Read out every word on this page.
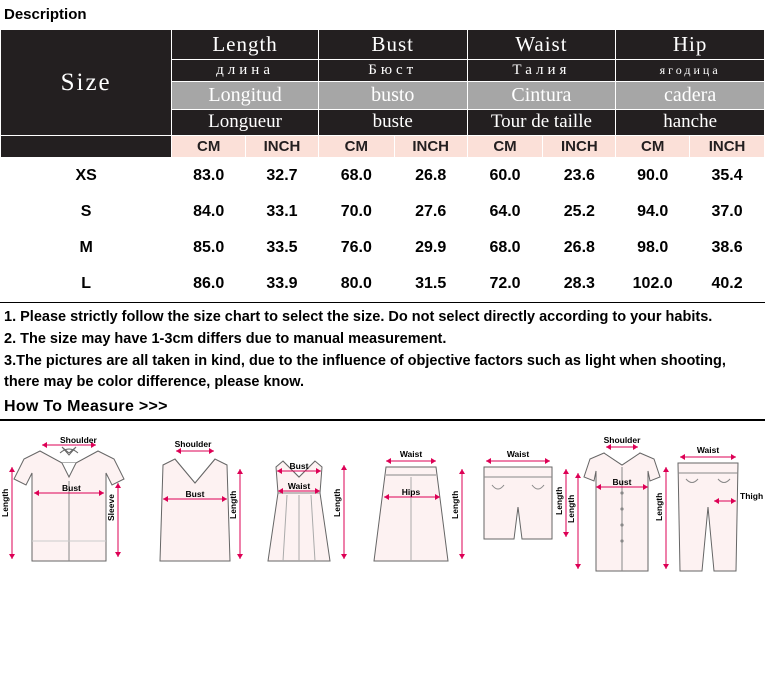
Description
Size	Length		Bust		Waist		Hip	
	длина		Бюст		Талия		ягодица	
	Longitud		busto		Cintura		cadera	
	Longueur		buste		Tour de taille		hanche	
	CM	INCH	CM	INCH	CM	INCH	CM	INCH
XS	83.0	32.7	68.0	26.8	60.0	23.6	90.0	35.4
S	84.0	33.1	70.0	27.6	64.0	25.2	94.0	37.0
M	85.0	33.5	76.0	29.9	68.0	26.8	98.0	38.6
L	86.0	33.9	80.0	31.5	72.0	28.3	102.0	40.2

1. Please strictly follow the size chart to select the size. Do not select directly according to your habits.

2. The size may have 1-3cm differs due to manual measurement.

3.The pictures are all taken in kind, due to the influence of objective factors such as light when shooting, there may be color difference, please know.

How To Measure >>>
Shoulder
Bust
Sleeve
Length
Shoulder
Bust	Length
Bust
Waist
Length
Waist
Hips	Length
Waist
Length
Shoulder
Bust
Length
Waist
Thigh
Length
